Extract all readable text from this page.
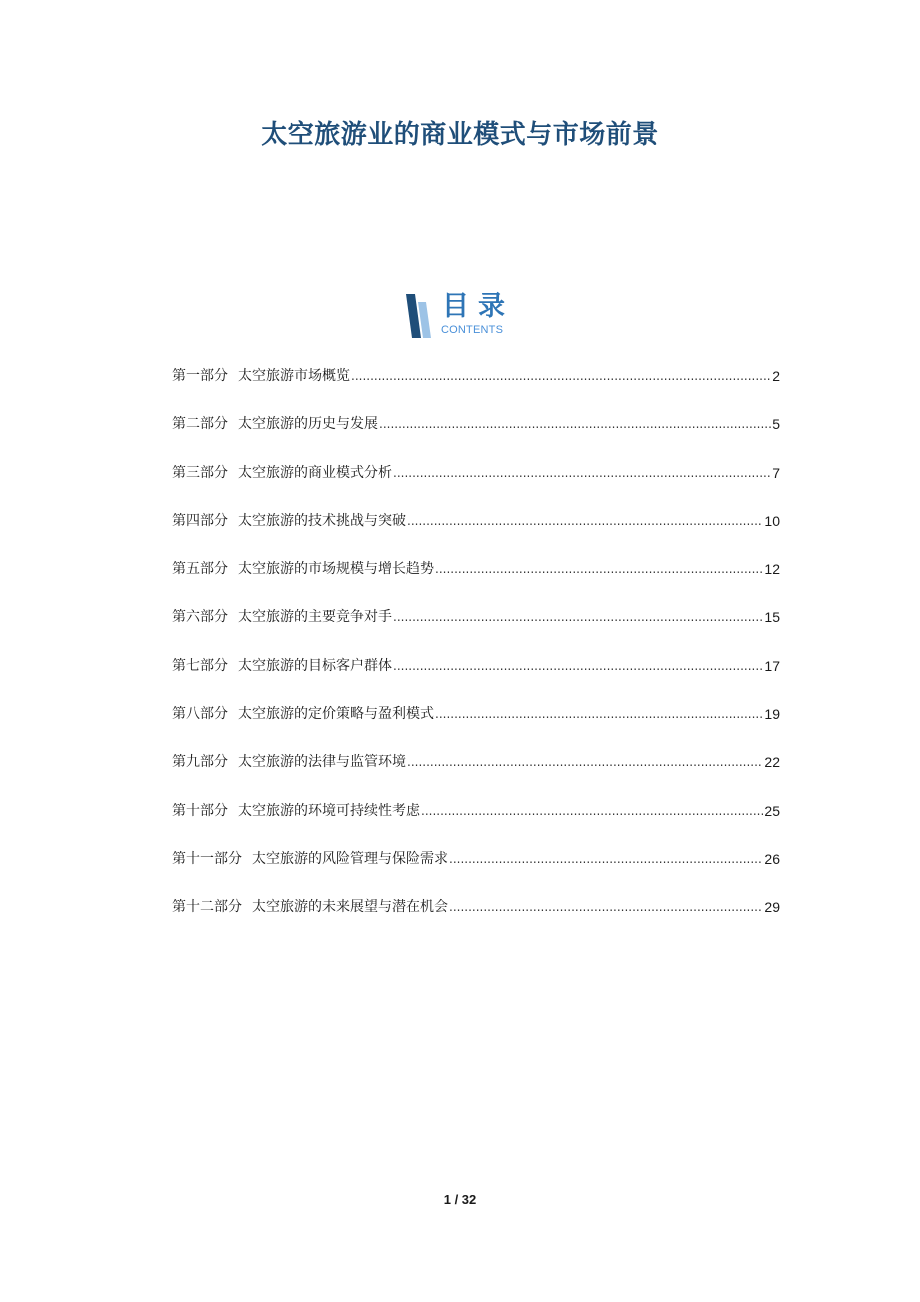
太空旅游业的商业模式与市场前景
目录
CONTENTS
第一部分 太空旅游市场概览 .....	2
第二部分 太空旅游的历史与发展 .....	5
第三部分 太空旅游的商业模式分析 .....	7
第四部分 太空旅游的技术挑战与突破 .....	10
第五部分 太空旅游的市场规模与增长趋势 .....	12
第六部分 太空旅游的主要竞争对手 .....	15
第七部分 太空旅游的目标客户群体 .....	17
第八部分 太空旅游的定价策略与盈利模式 .....	19
第九部分 太空旅游的法律与监管环境 .....	22
第十部分 太空旅游的环境可持续性考虑 .....	25
第十一部分 太空旅游的风险管理与保险需求 .....	26
第十二部分 太空旅游的未来展望与潜在机会 .....	29
1 / 32
